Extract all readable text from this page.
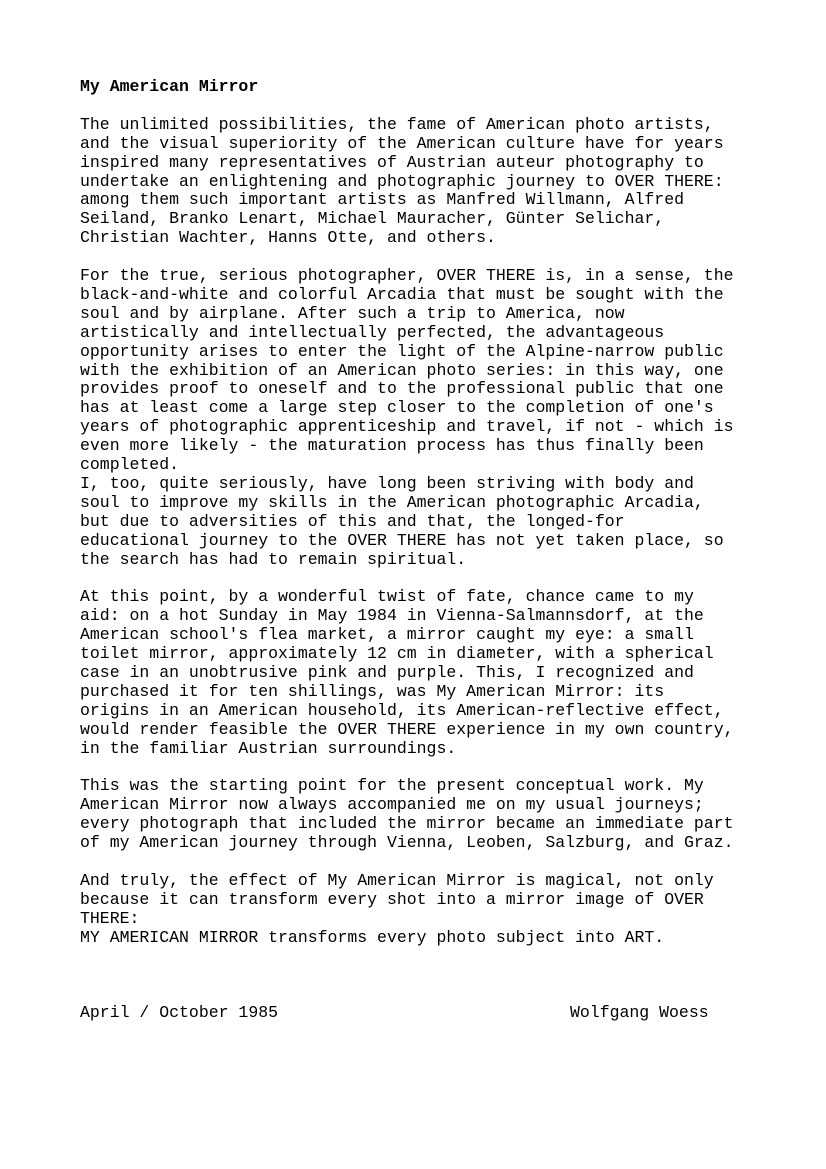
My American Mirror

The unlimited possibilities, the fame of American photo artists,
and the visual superiority of the American culture have for years
inspired many representatives of Austrian auteur photography to
undertake an enlightening and photographic journey to OVER THERE:
among them such important artists as Manfred Willmann, Alfred
Seiland, Branko Lenart, Michael Mauracher, Günter Selichar,
Christian Wachter, Hanns Otte, and others.

For the true, serious photographer, OVER THERE is, in a sense, the
black-and-white and colorful Arcadia that must be sought with the
soul and by airplane. After such a trip to America, now
artistically and intellectually perfected, the advantageous
opportunity arises to enter the light of the Alpine-narrow public
with the exhibition of an American photo series: in this way, one
provides proof to oneself and to the professional public that one
has at least come a large step closer to the completion of one's
years of photographic apprenticeship and travel, if not - which is
even more likely - the maturation process has thus finally been
completed.
I, too, quite seriously, have long been striving with body and
soul to improve my skills in the American photographic Arcadia,
but due to adversities of this and that, the longed-for
educational journey to the OVER THERE has not yet taken place, so
the search has had to remain spiritual.

At this point, by a wonderful twist of fate, chance came to my
aid: on a hot Sunday in May 1984 in Vienna-Salmannsdorf, at the
American school's flea market, a mirror caught my eye: a small
toilet mirror, approximately 12 cm in diameter, with a spherical
case in an unobtrusive pink and purple. This, I recognized and
purchased it for ten shillings, was My American Mirror: its
origins in an American household, its American-reflective effect,
would render feasible the OVER THERE experience in my own country,
in the familiar Austrian surroundings.

This was the starting point for the present conceptual work. My
American Mirror now always accompanied me on my usual journeys;
every photograph that included the mirror became an immediate part
of my American journey through Vienna, Leoben, Salzburg, and Graz.

And truly, the effect of My American Mirror is magical, not only
because it can transform every shot into a mirror image of OVER
THERE:
MY AMERICAN MIRROR transforms every photo subject into ART.

April / October 1985	Wolfgang Woess
